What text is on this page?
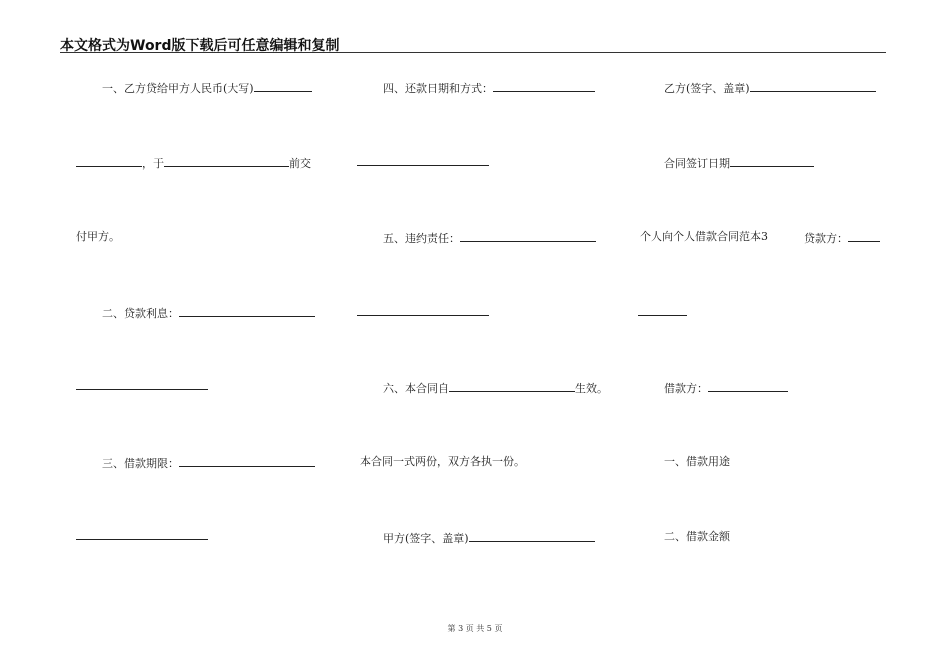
本文格式为Word版下载后可任意编辑和复制
一、乙方贷给甲方人民币(大写)
，于	前交
付甲方。
二、贷款利息：
三、借款期限：
四、还款日期和方式：
五、违约责任：
六、本合同自	生效。
本合同一式两份，双方各执一份。
甲方(签字、盖章)
乙方(签字、盖章)
合同签订日期
个人向个人借款合同范本3	贷款方：
借款方：
一、借款用途
二、借款金额
第 3 页 共 5 页
